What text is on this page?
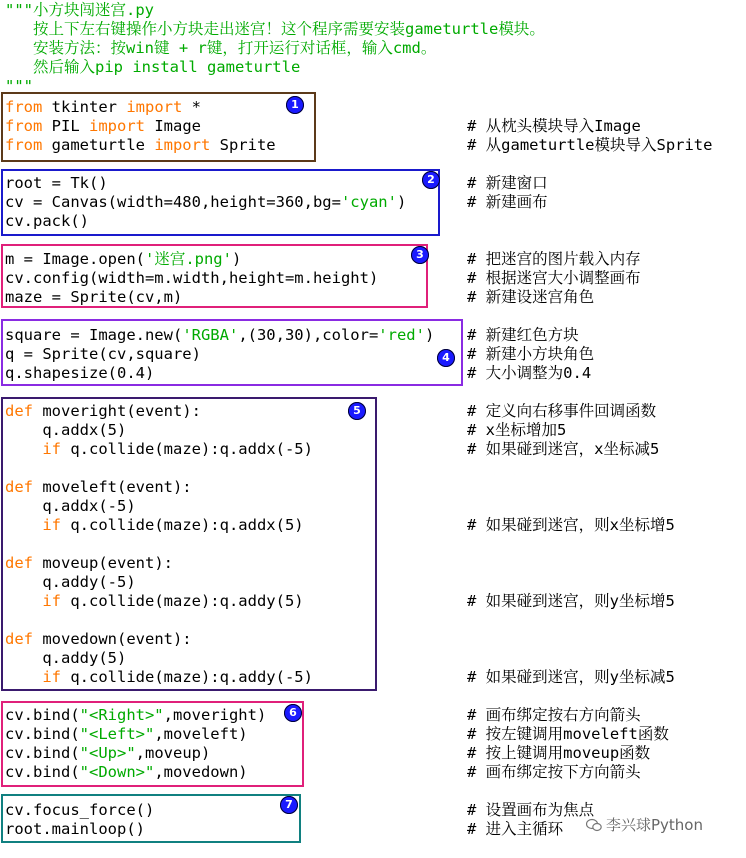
"""小方块闯迷宫.py
按上下左右键操作小方块走出迷宫！这个程序需要安装gameturtle模块。
安装方法：按win键 + r键，打开运行对话框，输入cmd。
然后输入pip install gameturtle
"""
1
2
3
4
5
6
7
from tkinter import *
from PIL import Image
from gameturtle import Sprite
# 从枕头模块导入Image
# 从gameturtle模块导入Sprite
root = Tk()
cv = Canvas(width=480,height=360,bg='cyan')
cv.pack()
# 新建窗口
# 新建画布
m = Image.open('迷宫.png')
cv.config(width=m.width,height=m.height)
maze = Sprite(cv,m)
# 把迷宫的图片载入内存
# 根据迷宫大小调整画布
# 新建设迷宫角色
square = Image.new('RGBA',(30,30),color='red')
q = Sprite(cv,square)
q.shapesize(0.4)
# 新建红色方块
# 新建小方块角色
# 大小调整为0.4
def moveright(event):
q.addx(5)
if q.collide(maze):q.addx(-5)
# 定义向右移事件回调函数
# x坐标增加5
# 如果碰到迷宫，x坐标减5
def moveleft(event):
q.addx(-5)
if q.collide(maze):q.addx(5)	# 如果碰到迷宫，则x坐标增5
def moveup(event):
q.addy(-5)
if q.collide(maze):q.addy(5)	# 如果碰到迷宫，则y坐标增5
def movedown(event):
q.addy(5)
if q.collide(maze):q.addy(-5)	# 如果碰到迷宫，则y坐标减5
cv.bind("<Right>",moveright)
cv.bind("<Left>",moveleft)
cv.bind("<Up>",moveup)
cv.bind("<Down>",movedown)
# 画布绑定按右方向箭头
# 按左键调用moveleft函数
# 按上键调用moveup函数
# 画布绑定按下方向箭头
cv.focus_force()
root.mainloop()
# 设置画布为焦点
# 进入主循环	李兴球Python
